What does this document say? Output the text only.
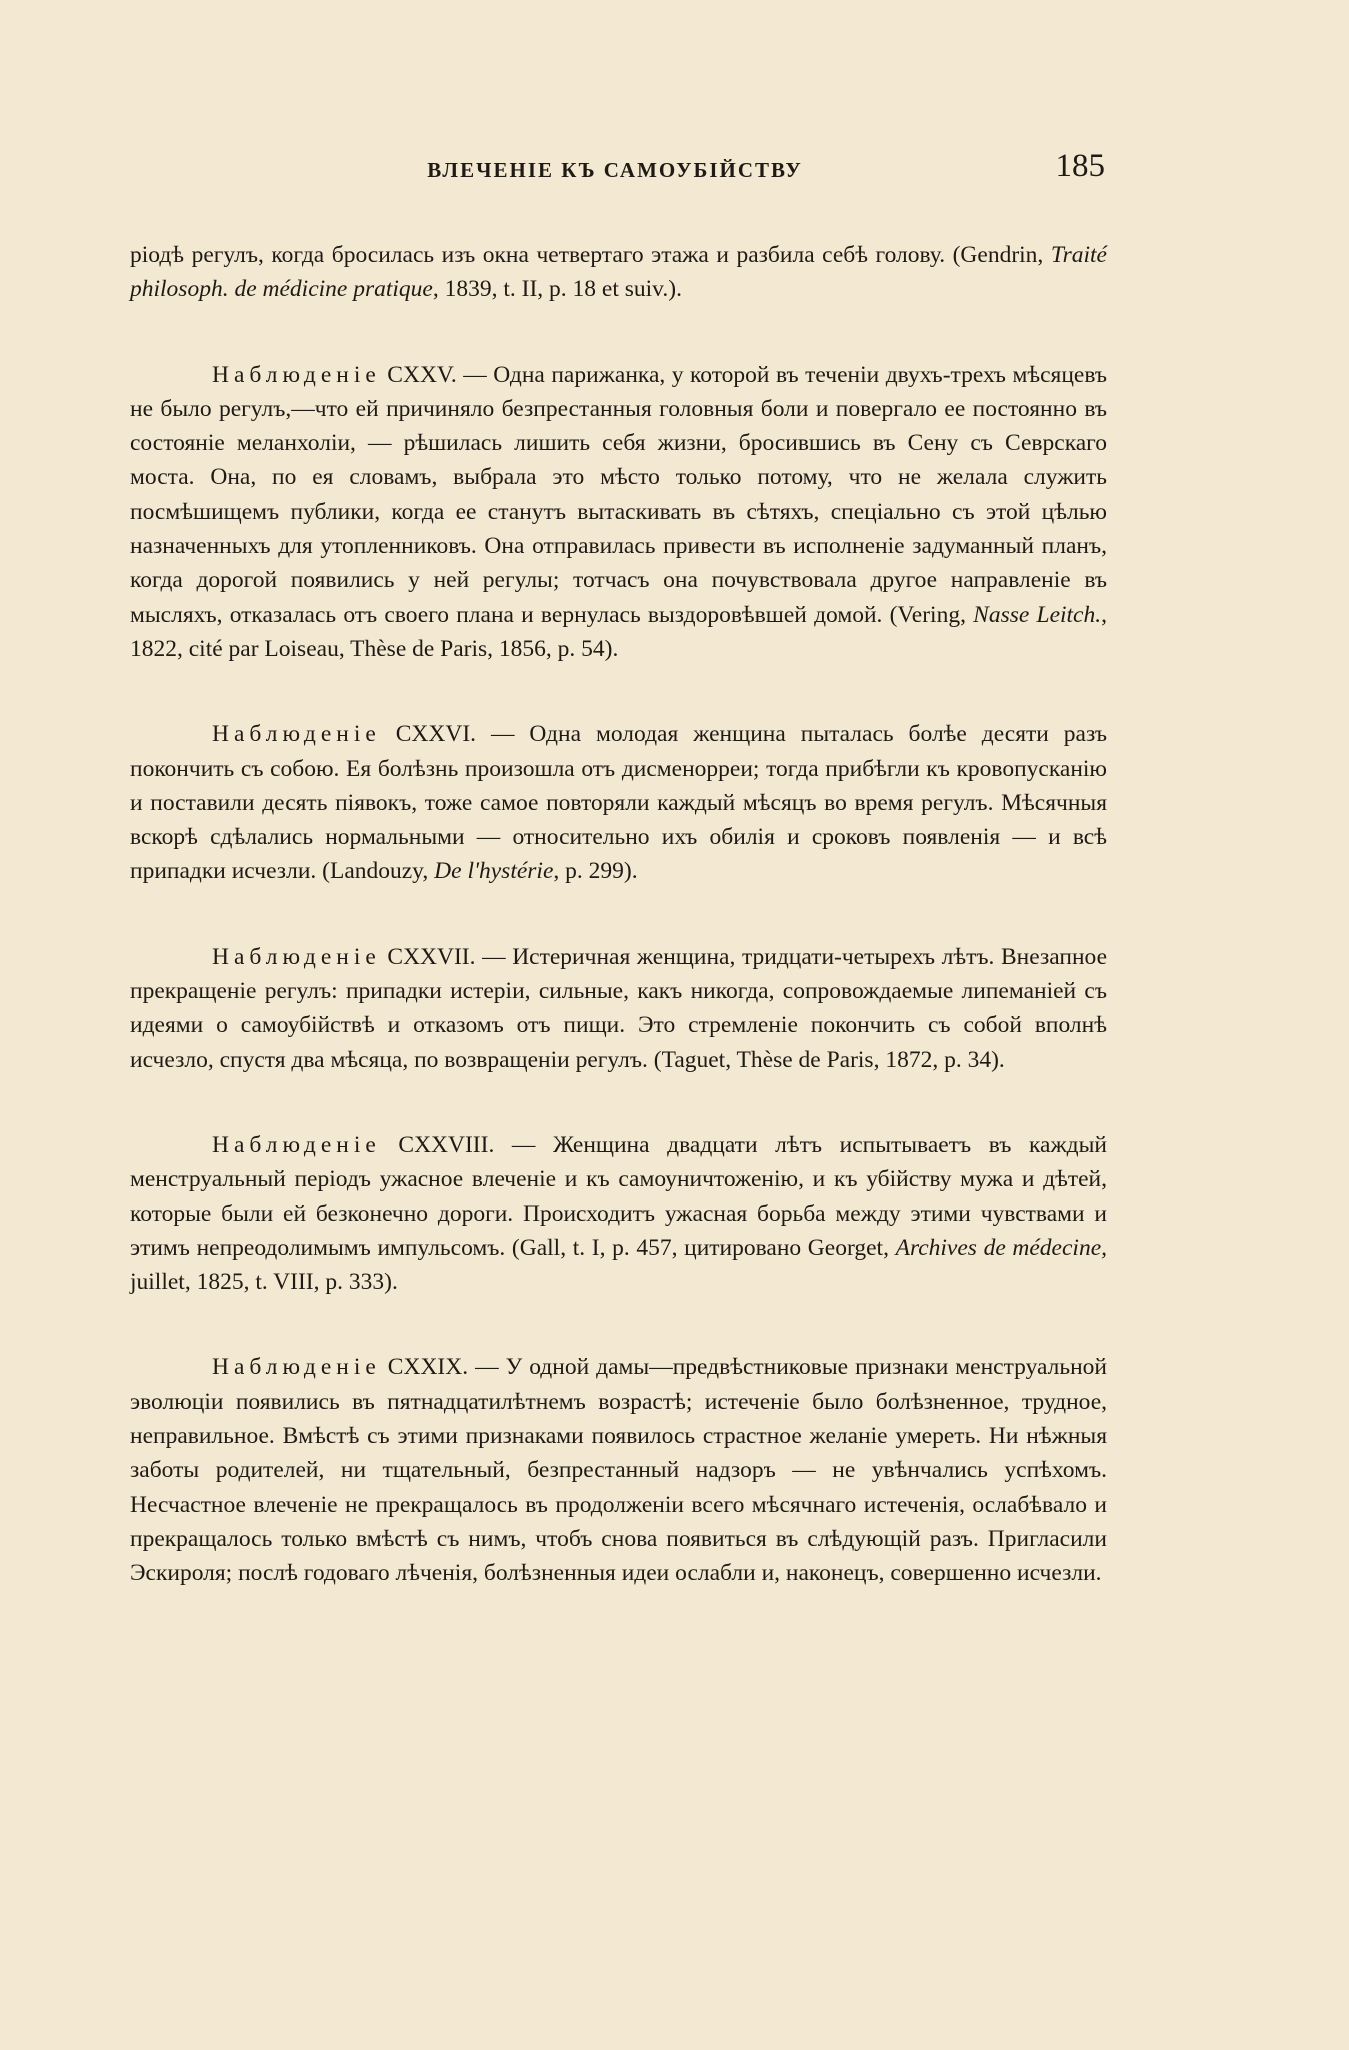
ВЛЕЧЕНІЕ КЪ САМОУБІЙСТВУ	185

ріодѣ регулъ, когда бросилась изъ окна четвертаго этажа и разбила себѣ голову. (Gendrin, Traité philosoph. de médicine pratique, 1839, t. II, p. 18 et suiv.).

Наблюденіе CXXV. — Одна парижанка, у которой въ теченіи двухъ-трехъ мѣсяцевъ не было регулъ,—что ей причиняло безпрестанныя головныя боли и повергало ее постоянно въ состояніе меланхоліи, — рѣшилась лишить себя жизни, бросившись въ Сену съ Севрскаго моста. Она, по ея словамъ, выбрала это мѣсто только потому, что не желала служить посмѣшищемъ публики, когда ее станутъ вытаскивать въ сѣтяхъ, спеціально съ этой цѣлью назначенныхъ для утопленниковъ. Она отправилась привести въ исполненіе задуманный планъ, когда дорогой появились у ней регулы; тотчасъ она почувствовала другое направленіе въ мысляхъ, отказалась отъ своего плана и вернулась выздоровѣвшей домой. (Vering, Nasse Leitch., 1822, cité par Loiseau, Thèse de Paris, 1856, p. 54).

Наблюденіе CXXVI. — Одна молодая женщина пыталась болѣе десяти разъ покончить съ собою. Ея болѣзнь произошла отъ дисменорреи; тогда прибѣгли къ кровопусканію и поставили десять піявокъ, тоже самое повторяли каждый мѣсяцъ во время регулъ. Мѣсячныя вскорѣ сдѣлались нормальными — относительно ихъ обилія и сроковъ появленія — и всѣ припадки исчезли. (Landouzy, De l'hystérie, p. 299).

Наблюденіе CXXVII. — Истеричная женщина, тридцати-четырехъ лѣтъ. Внезапное прекращеніе регулъ: припадки истеріи, сильные, какъ никогда, сопровождаемые липеманіей съ идеями о самоубійствѣ и отказомъ отъ пищи. Это стремленіе покончить съ собой вполнѣ исчезло, спустя два мѣсяца, по возвращеніи регулъ. (Taguet, Thèse de Paris, 1872, p. 34).

Наблюденіе CXXVIII. — Женщина двадцати лѣтъ испытываетъ въ каждый менструальный періодъ ужасное влеченіе и къ самоуничтоженію, и къ убійству мужа и дѣтей, которые были ей безконечно дороги. Происходитъ ужасная борьба между этими чувствами и этимъ непреодолимымъ импульсомъ. (Gall, t. I, p. 457, цитировано Georget, Archives de médecine, juillet, 1825, t. VIII, p. 333).

Наблюденіе CXXIX. — У одной дамы—предвѣстниковые признаки менструальной эволюціи появились въ пятнадцатилѣтнемъ возрастѣ; истеченіе было болѣзненное, трудное, неправильное. Вмѣстѣ съ этими признаками появилось страстное желаніе умереть. Ни нѣжныя заботы родителей, ни тщательный, безпрестанный надзоръ — не увѣнчались успѣхомъ. Несчастное влеченіе не прекращалось въ продолженіи всего мѣсячнаго истеченія, ослабѣвало и прекращалось только вмѣстѣ съ нимъ, чтобъ снова появиться въ слѣдующій разъ. Пригласили Эскироля; послѣ годоваго лѣченія, болѣзненныя идеи ослабли и, наконецъ, совершенно исчезли.
